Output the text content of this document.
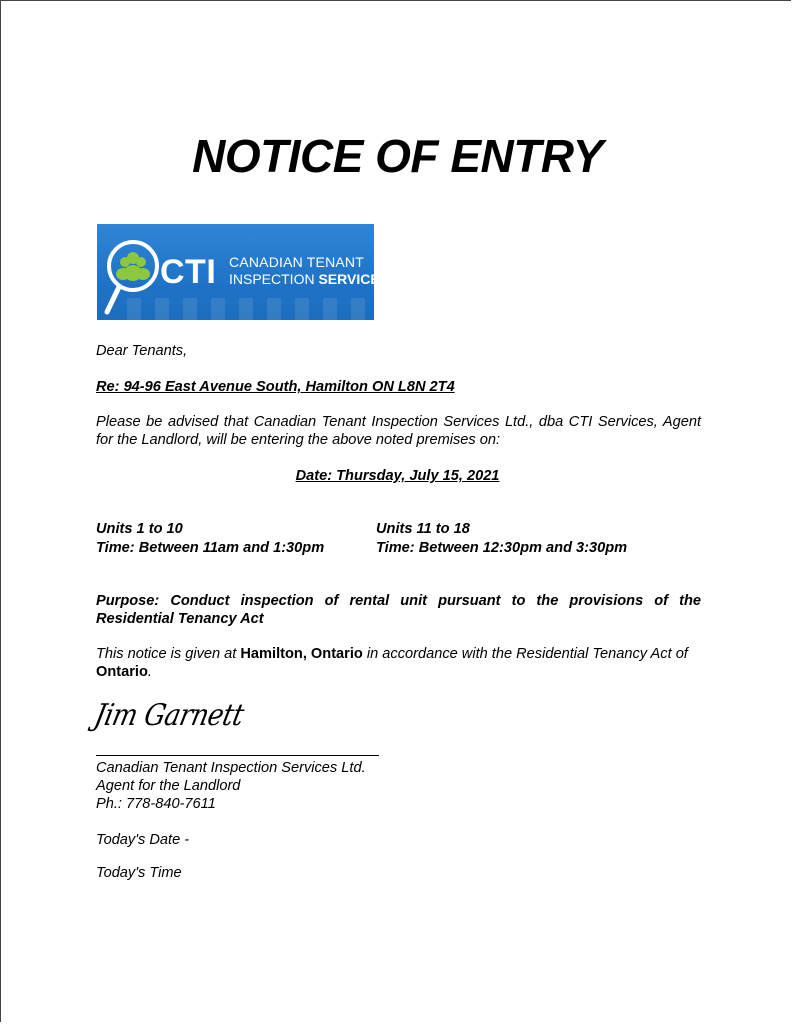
NOTICE OF ENTRY
CTI CANADIAN TENANT
INSPECTION SERVICES
Dear Tenants,
Re: 94-96 East Avenue South, Hamilton ON L8N 2T4
Please be advised that Canadian Tenant Inspection Services Ltd., dba CTI Services, Agent for the Landlord, will be entering the above noted premises on:
Date: Thursday, July 15, 2021
Units 1 to 10
Time: Between 11am and 1:30pm
Units 11 to 18
Time: Between 12:30pm and 3:30pm
Purpose: Conduct inspection of rental unit pursuant to the provisions of the Residential Tenancy Act
This notice is given at Hamilton, Ontario in accordance with the Residential Tenancy Act of Ontario.
Jim Garnett
Canadian Tenant Inspection Services Ltd.
Agent for the Landlord
Ph.: 778-840-7611
Today's Date -
Today's Time
